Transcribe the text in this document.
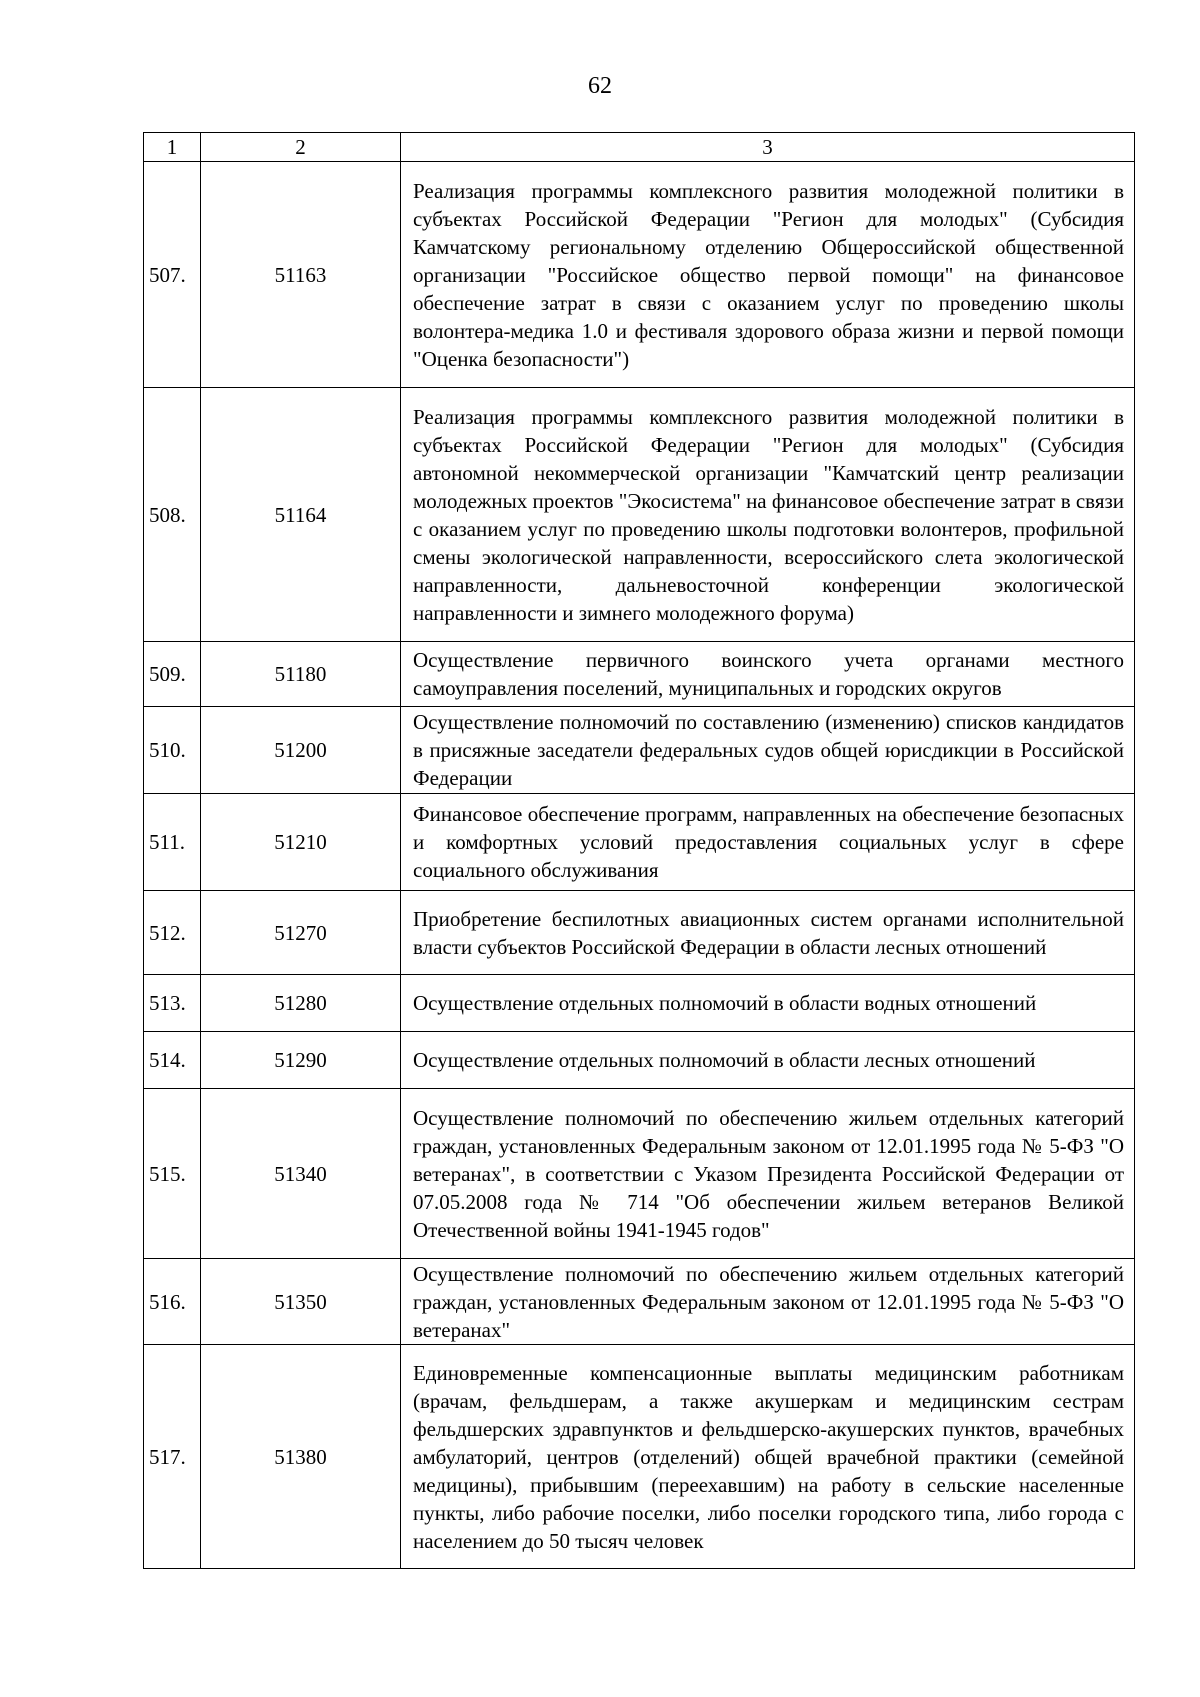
62
1	2	3
507.	51163	Реализация программы комплексного развития молодежной политики в субъектах Российской Федерации "Регион для молодых" (Субсидия Камчатскому региональному отделению Общероссийской общественной организации "Российское общество первой помощи" на финансовое обеспечение затрат в связи с оказанием услуг по проведению школы волонтера-медика 1.0 и фестиваля здорового образа жизни и первой помощи "Оценка безопасности")
508.	51164	Реализация программы комплексного развития молодежной политики в субъектах Российской Федерации "Регион для молодых" (Субсидия автономной некоммерческой организации "Камчатский центр реализации молодежных проектов "Экосистема" на финансовое обеспечение затрат в связи с оказанием услуг по проведению школы подготовки волонтеров, профильной смены экологической направленности, всероссийского слета экологической направленности, дальневосточной конференции экологической направленности и зимнего молодежного форума)
509.	51180	Осуществление первичного воинского учета органами местного самоуправления поселений, муниципальных и городских округов
510.	51200	Осуществление полномочий по составлению (изменению) списков кандидатов в присяжные заседатели федеральных судов общей юрисдикции в Российской Федерации
511.	51210	Финансовое обеспечение программ, направленных на обеспечение безопасных и комфортных условий предоставления социальных услуг в сфере социального обслуживания
512.	51270	Приобретение беспилотных авиационных систем органами исполнительной власти субъектов Российской Федерации в области лесных отношений
513.	51280	Осуществление отдельных полномочий в области водных отношений
514.	51290	Осуществление отдельных полномочий в области лесных отношений
515.	51340	Осуществление полномочий по обеспечению жильем отдельных категорий граждан, установленных Федеральным законом от 12.01.1995 года № 5-ФЗ "О ветеранах", в соответствии с Указом Президента Российской Федерации от 07.05.2008 года № 714 "Об обеспечении жильем ветеранов Великой Отечественной войны 1941-1945 годов"
516.	51350	Осуществление полномочий по обеспечению жильем отдельных категорий граждан, установленных Федеральным законом от 12.01.1995 года № 5-ФЗ "О ветеранах"
517.	51380	Единовременные компенсационные выплаты медицинским работникам (врачам, фельдшерам, а также акушеркам и медицинским сестрам фельдшерских здравпунктов и фельдшерско-акушерских пунктов, врачебных амбулаторий, центров (отделений) общей врачебной практики (семейной медицины), прибывшим (переехавшим) на работу в сельские населенные пункты, либо рабочие поселки, либо поселки городского типа, либо города с населением до 50 тысяч человек
